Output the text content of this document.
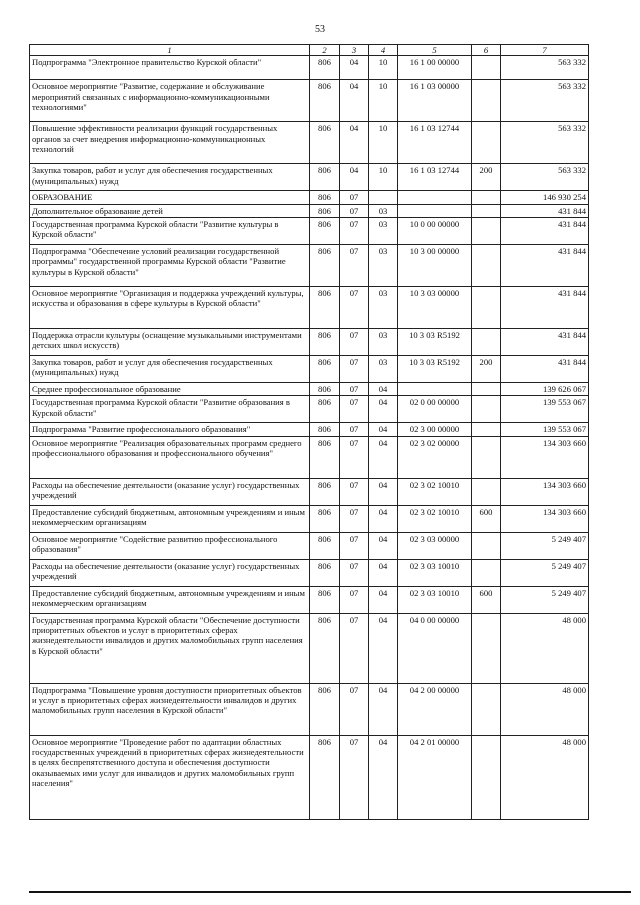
53
1	2	3	4	5	6	7
Подпрограмма "Электронное правительство Курской области"	806	04	10	16 1 00 00000		563 332
Основное мероприятие "Развитие, содержание и обслуживание мероприятий связанных с информационно-коммуникационными технологиями"	806	04	10	16 1 03 00000		563 332
Повышение эффективности реализации функций государственных органов за счет внедрения информационно-коммуникационных технологий	806	04	10	16 1 03 12744		563 332
Закупка товаров, работ и услуг для обеспечения государственных (муниципальных) нужд	806	04	10	16 1 03 12744	200	563 332
ОБРАЗОВАНИЕ	806	07				146 930 254
Дополнительное образование детей	806	07	03			431 844
Государственная программа Курской области "Развитие культуры в Курской области"	806	07	03	10 0 00 00000		431 844
Подпрограмма "Обеспечение условий реализации государственной программы" государственной программы Курской области "Развитие культуры в Курской области"	806	07	03	10 3 00 00000		431 844
Основное мероприятие "Организация и поддержка учреждений культуры, искусства и образования в сфере культуры в Курской области"	806	07	03	10 3 03 00000		431 844
Поддержка отрасли культуры (оснащение музыкальными инструментами детских школ искусств)	806	07	03	10 3 03 R5192		431 844
Закупка товаров, работ и услуг для обеспечения государственных (муниципальных) нужд	806	07	03	10 3 03 R5192	200	431 844
Среднее профессиональное образование	806	07	04			139 626 067
Государственная программа Курской области "Развитие образования в Курской области"	806	07	04	02 0 00 00000		139 553 067
Подпрограмма "Развитие профессионального образования"	806	07	04	02 3 00 00000		139 553 067
Основное мероприятие "Реализация образовательных программ среднего профессионального образования и профессионального обучения"	806	07	04	02 3 02 00000		134 303 660
Расходы на обеспечение деятельности (оказание услуг) государственных учреждений	806	07	04	02 3 02 10010		134 303 660
Предоставление субсидий бюджетным, автономным учреждениям и иным некоммерческим организациям	806	07	04	02 3 02 10010	600	134 303 660
Основное мероприятие "Содействие развитию профессионального образования"	806	07	04	02 3 03 00000		5 249 407
Расходы на обеспечение деятельности (оказание услуг) государственных учреждений	806	07	04	02 3 03 10010		5 249 407
Предоставление субсидий бюджетным, автономным учреждениям и иным некоммерческим организациям	806	07	04	02 3 03 10010	600	5 249 407
Государственная программа Курской области "Обеспечение доступности приоритетных объектов и услуг в приоритетных сферах жизнедеятельности инвалидов и других маломобильных групп населения в Курской области"	806	07	04	04 0 00 00000		48 000
Подпрограмма "Повышение уровня доступности приоритетных объектов и услуг в приоритетных сферах жизнедеятельности инвалидов и других маломобильных групп населения в Курской области"	806	07	04	04 2 00 00000		48 000
Основное мероприятие "Проведение работ по адаптации областных государственных учреждений в приоритетных сферах жизнедеятельности в целях беспрепятственного доступа и обеспечения доступности оказываемых ими услуг для инвалидов и других маломобильных групп населения"	806	07	04	04 2 01 00000		48 000
